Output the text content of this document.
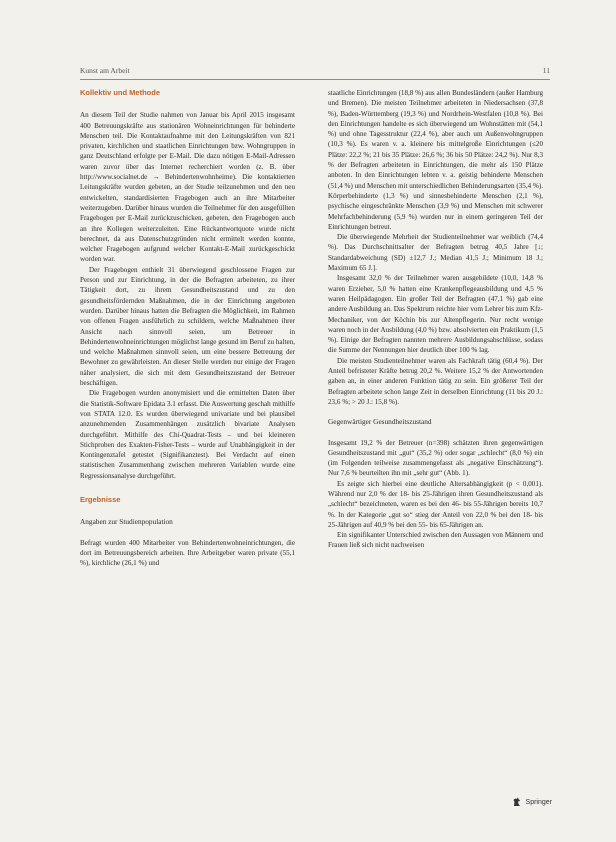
Kunst am Arbeit	11
Kollektiv und Methode

An diesem Teil der Studie nahmen von Januar bis April 2015 insgesamt 400 Betreuungskräfte aus stationären Wohneinrichtungen für behinderte Menschen teil. Die Kontaktaufnahme mit den Leitungskräften von 821 privaten, kirchlichen und staatlichen Einrichtungen bzw. Wohngruppen in ganz Deutschland erfolgte per E-Mail. Die dazu nötigen E-Mail-Adressen waren zuvor über das Internet recherchiert worden (z. B. über http://www.socialnet.de → Behindertenwohnheime). Die kontaktierten Leitungskräfte wurden gebeten, an der Studie teilzunehmen und den neu entwickelten, standardisierten Fragebogen auch an ihre Mitarbeiter weiterzugeben. Darüber hinaus wurden die Teilnehmer für den ausgefüllten Fragebogen per E-Mail zurückzuschicken, gebeten, den Fragebogen auch an ihre Kollegen weiterzuleiten. Eine Rückantwortquote wurde nicht berechnet, da aus Datenschutzgründen nicht ermittelt werden konnte, welcher Fragebogen aufgrund welcher Kontakt-E-Mail zurückgeschickt worden war.

Der Fragebogen enthielt 31 überwiegend geschlossene Fragen zur Person und zur Einrichtung, in der die Befragten arbeiteten, zu ihrer Tätigkeit dort, zu ihrem Gesundheitszustand und zu den gesundheitsfördernden Maßnahmen, die in der Einrichtung angeboten wurden. Darüber hinaus hatten die Befragten die Möglichkeit, im Rahmen von offenen Fragen ausführlich zu schildern, welche Maßnahmen ihrer Ansicht nach sinnvoll seien, um Betreuer in Behindertenwohneinrichtungen möglichst lange gesund im Beruf zu halten, und welche Maßnahmen sinnvoll seien, um eine bessere Betreuung der Bewohner zu gewährleisten. An dieser Stelle werden nur einige der Fragen näher analysiert, die sich mit dem Gesundheitszustand der Betreuer beschäftigen.

Die Fragebogen wurden anonymisiert und die ermittelten Daten über die Statistik-Software Epidata 3.1 erfasst. Die Auswertung geschah mithilfe von STATA 12.0. Es wurden überwiegend univariate und bei plausibel anzunehmenden Zusammenhängen zusätzlich bivariate Analysen durchgeführt. Mithilfe des Chi-Quadrat-Tests – und bei kleineren Stichproben des Exakten-Fisher-Tests – wurde auf Unabhängigkeit in der Kontingenztafel getestet (Signifikanztest). Bei Verdacht auf einen statistischen Zusammenhang zwischen mehreren Variablen wurde eine Regressionsanalyse durchgeführt.

Ergebnisse
Angaben zur Studienpopulation

Befragt wurden 400 Mitarbeiter von Behindertenwohneinrichtungen, die dort im Betreuungsbereich arbeiten. Ihre Arbeitgeber waren private (55,1 %), kirchliche (26,1 %) und

staatliche Einrichtungen (18,8 %) aus allen Bundesländern (außer Hamburg und Bremen). Die meisten Teilnehmer arbeiteten in Niedersachsen (37,8 %), Baden-Württemberg (19,3 %) und Nordrhein-Westfalen (10,8 %). Bei den Einrichtungen handelte es sich überwiegend um Wohnstätten mit (54,1 %) und ohne Tagesstruktur (22,4 %), aber auch um Außenwohngruppen (10,3 %). Es waren v. a. kleinere bis mittelgroße Einrichtungen (≤20 Plätze: 22,2 %; 21 bis 35 Plätze: 26,6 %; 36 bis 50 Plätze: 24,2 %). Nur 8,3 % der Befragten arbeiteten in Einrichtungen, die mehr als 150 Plätze anboten. In den Einrichtungen lebten v. a. geistig behinderte Menschen (51,4 %) und Menschen mit unterschiedlichen Behinderungsarten (35,4 %). Körperbehinderte (1,3 %) und sinnesbehinderte Menschen (2,1 %), psychische eingeschränkte Menschen (3,9 %) und Menschen mit schwerer Mehrfachbehinderung (5,9 %) wurden nur in einem geringeren Teil der Einrichtungen betreut.

Die überwiegende Mehrheit der Studienteilnehmer war weiblich (74,4 %). Das Durchschnittsalter der Befragten betrug 40,5 Jahre [↓; Standardabweichung (SD) ±12,7 J.; Median 41,5 J.; Minimum 18 J.; Maximum 65 J.].

Insgesamt 32,0 % der Teilnehmer waren ausgebildete (10,0, 14,8 % waren Erzieher, 5,0 % hatten eine Krankenpflegeausbildung und 4,5 % waren Heilpädagogen. Ein großer Teil der Befragten (47,1 %) gab eine andere Ausbildung an. Das Spektrum reichte hier vom Lehrer bis zum Kfz-Mechaniker, von der Köchin bis zur Altenpflegerin. Nur recht wenige waren noch in der Ausbildung (4,0 %) bzw. absolvierten ein Praktikum (1,5 %). Einige der Befragten nannten mehrere Ausbildungsabschlüsse, sodass die Summe der Nennungen hier deutlich über 100 % lag.

Die meisten Studienteilnehmer waren als Fachkraft tätig (60,4 %). Der Anteil befristeter Kräfte betrug 20,2 %. Weitere 15,2 % der Antwortenden gaben an, in einer anderen Funktion tätig zu sein. Ein größerer Teil der Befragten arbeitete schon lange Zeit in derselben Einrichtung (11 bis 20 J.: 23,6 %; > 20 J.: 15,8 %).

Gegenwärtiger Gesundheitszustand

Insgesamt 19,2 % der Betreuer (n=398) schätzten ihren gegenwärtigen Gesundheitszustand mit „gut“ (35,2 %) oder sogar „schlecht“ (8,0 %) ein (im Folgenden teilweise zusammengefasst als „negative Einschätzung“). Nur 7,6 % beurteilten ihn mit „sehr gut“ (Abb. 1).

Es zeigte sich hierbei eine deutliche Altersabhängigkeit (p < 0,001). Während nur 2,0 % der 18- bis 25-Jährigen ihren Gesundheitszustand als „schlecht“ bezeichneten, waren es bei den 46- bis 55-Jährigen bereits 10,7 %. In der Kategorie „gut so“ stieg der Anteil von 22,0 % bei den 18- bis 25-Jährigen auf 40,9 % bei den 55- bis 65-Jährigen an.

Ein signifikanter Unterschied zwischen den Aussagen von Männern und Frauen ließ sich nicht nachweisen

Springer
